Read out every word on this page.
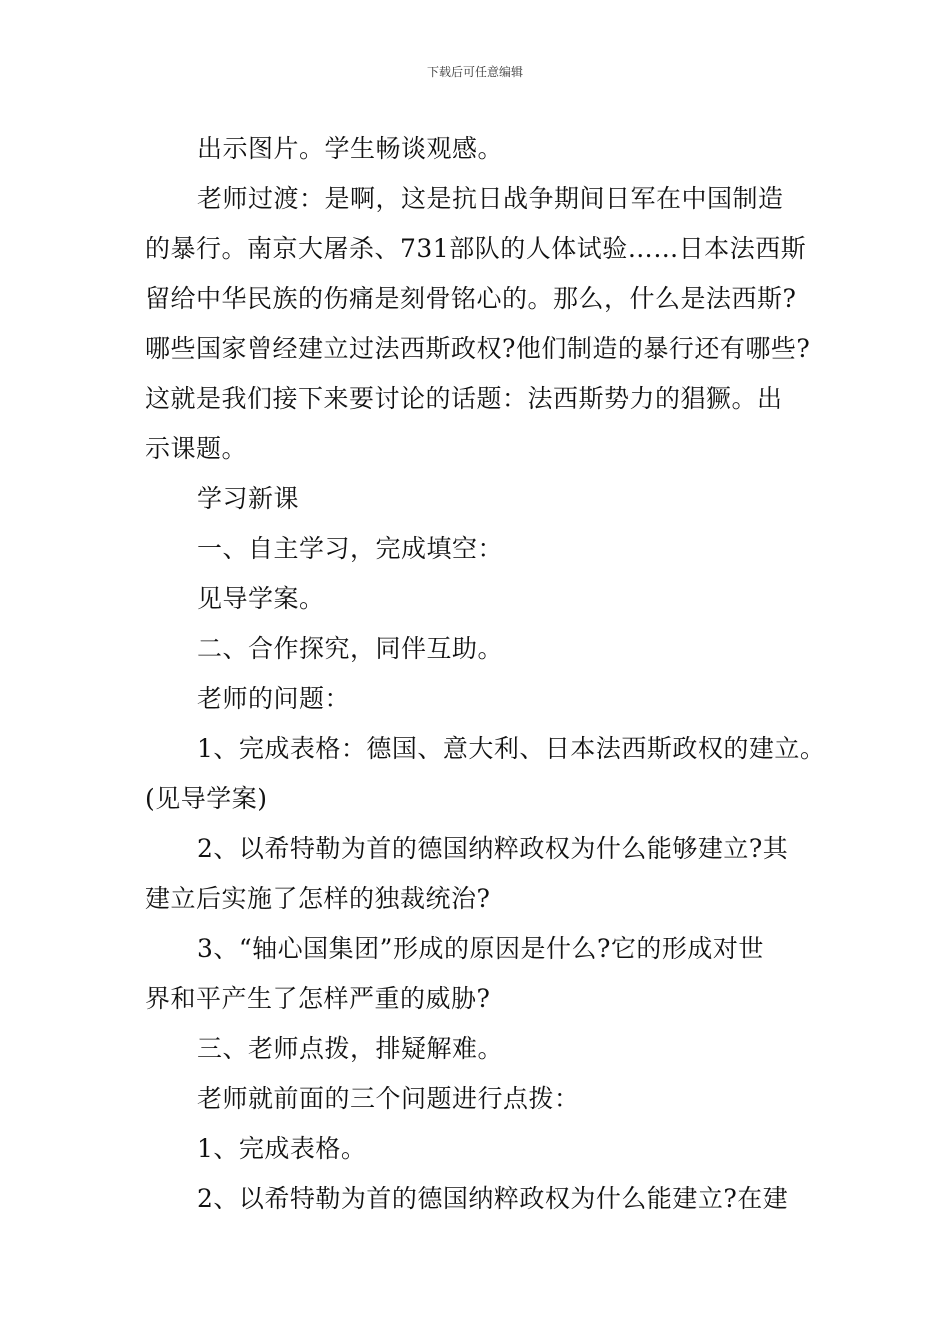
下载后可任意编辑
出示图片。学生畅谈观感。
老师过渡：是啊，这是抗日战争期间日军在中国制造
的暴行。南京大屠杀、731部队的人体试验……日本法西斯
留给中华民族的伤痛是刻骨铭心的。那么，什么是法西斯?
哪些国家曾经建立过法西斯政权?他们制造的暴行还有哪些?
这就是我们接下来要讨论的话题：法西斯势力的猖獗。出
示课题。
学习新课
一、自主学习，完成填空：
见导学案。
二、合作探究，同伴互助。
老师的问题：
1、完成表格：德国、意大利、日本法西斯政权的建立。
(见导学案)
2、以希特勒为首的德国纳粹政权为什么能够建立?其
建立后实施了怎样的独裁统治?
3、“轴心国集团”形成的原因是什么?它的形成对世
界和平产生了怎样严重的威胁?
三、老师点拨，排疑解难。
老师就前面的三个问题进行点拨：
1、完成表格。
2、以希特勒为首的德国纳粹政权为什么能建立?在建
